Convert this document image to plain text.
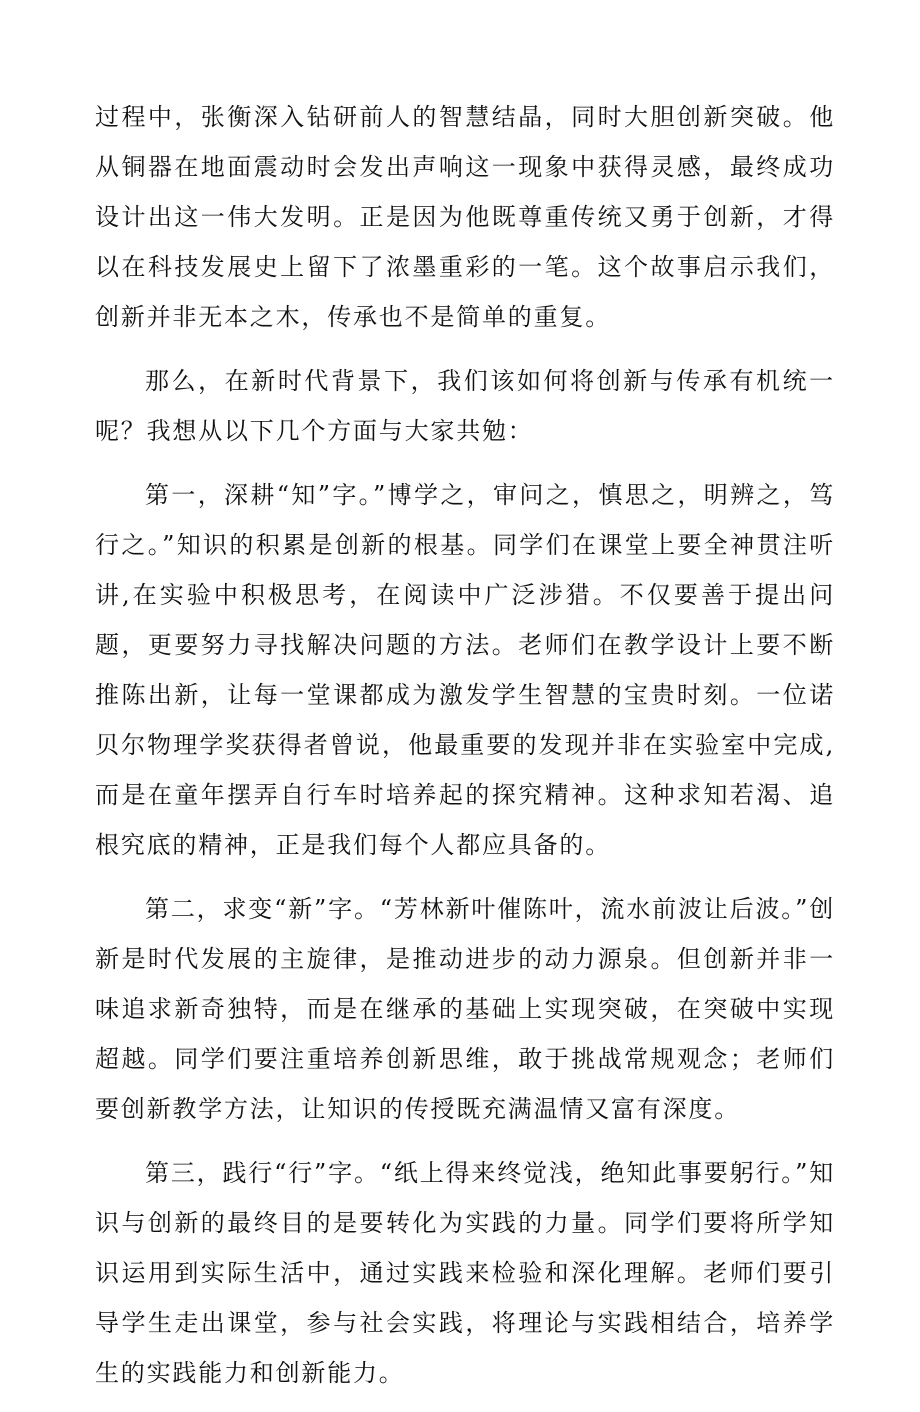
过程中，张衡深入钻研前人的智慧结晶，同时大胆创新突破。他从铜器在地面震动时会发出声响这一现象中获得灵感，最终成功设计出这一伟大发明。正是因为他既尊重传统又勇于创新，才得以在科技发展史上留下了浓墨重彩的一笔。这个故事启示我们，创新并非无本之木，传承也不是简单的重复。

那么，在新时代背景下，我们该如何将创新与传承有机统一呢？我想从以下几个方面与大家共勉：

第一，深耕“知”字。”博学之，审问之，慎思之，明辨之，笃行之。”知识的积累是创新的根基。同学们在课堂上要全神贯注听讲,在实验中积极思考，在阅读中广泛涉猎。不仅要善于提出问题，更要努力寻找解决问题的方法。老师们在教学设计上要不断推陈出新，让每一堂课都成为激发学生智慧的宝贵时刻。一位诺贝尔物理学奖获得者曾说，他最重要的发现并非在实验室中完成,而是在童年摆弄自行车时培养起的探究精神。这种求知若渴、追根究底的精神，正是我们每个人都应具备的。

第二，求变“新”字。“芳林新叶催陈叶，流水前波让后波。”创新是时代发展的主旋律，是推动进步的动力源泉。但创新并非一味追求新奇独特，而是在继承的基础上实现突破，在突破中实现超越。同学们要注重培养创新思维，敢于挑战常规观念；老师们要创新教学方法，让知识的传授既充满温情又富有深度。

第三，践行“行”字。“纸上得来终觉浅，绝知此事要躬行。”知识与创新的最终目的是要转化为实践的力量。同学们要将所学知识运用到实际生活中，通过实践来检验和深化理解。老师们要引导学生走出课堂，参与社会实践，将理论与实践相结合，培养学生的实践能力和创新能力。
